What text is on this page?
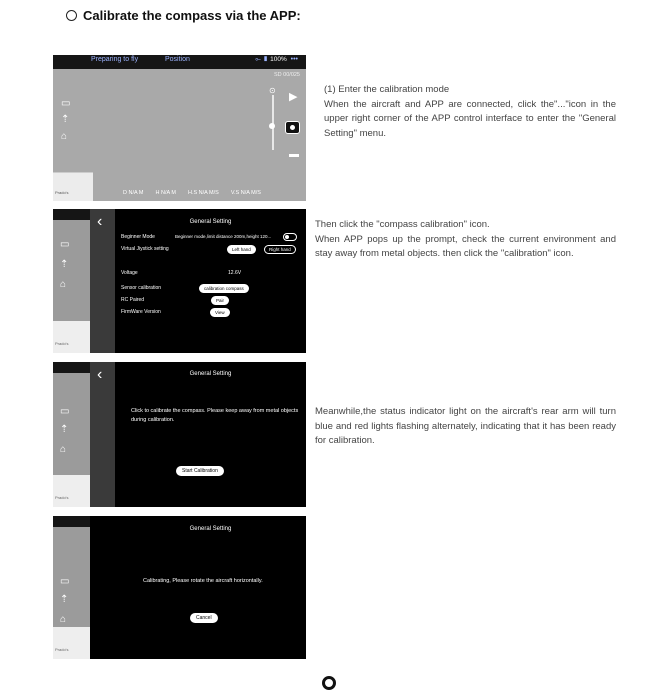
Calibrate the compass via the APP:
Preparing to fly	Position	⟜ ▮ 100%  •••
SD 00/025
▭
⇡
⌂
⊙
▶
▬
Prado's	D N/A M H N/A M H.S N/A M/S V.S N/A M/S
▭
⇡
⌂
Prado's
‹	General Setting
Beginner Mode	Beginner mode,limit distance 200m,height 120...
Virtual Jiystick setting	Left hand	Right hand
Voltage	12.6V
Sensor calibration	calibration compass
RC Paired	Pair
FirmWare Version	View
▭
⇡
⌂
Prado's
‹	General Setting
Click to calibrate the compass. Please keep away from metal objects during calibration.
Start Calibration
▭
⇡
⌂
Prado's
General Setting
Calibrating, Please rotate the aircraft horizontally.
Cancel

(1) Enter the calibration mode

When the aircraft and APP are connected, click the"..."icon in the upper right corner of the APP control interface to enter the "General Setting" menu.

Then click the "compass calibration" icon.

When APP pops up the prompt, check the current environment and stay away from metal objects. then click the "calibration" icon.

Meanwhile,the status indicator light on the aircraft's rear arm will turn blue and red lights flashing alternately, indicating that it has been ready for calibration.
